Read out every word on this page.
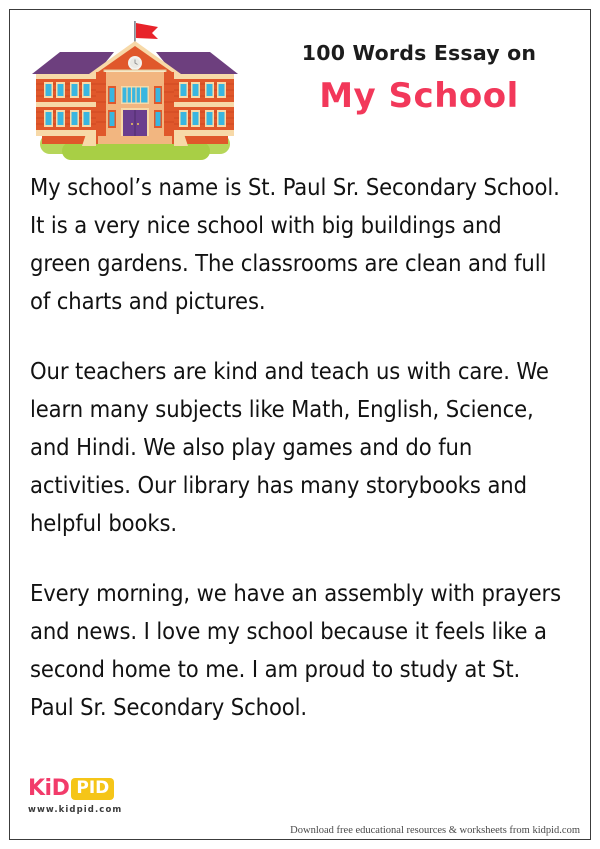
100 Words Essay on
My School

My school’s name is St. Paul Sr. Secondary School. It is a very nice school with big buildings and green gardens. The classrooms are clean and full of charts and pictures.

Our teachers are kind and teach us with care. We learn many subjects like Math, English, Science, and Hindi. We also play games and do fun activities. Our library has many storybooks and helpful books.

Every morning, we have an assembly with prayers and news. I love my school because it feels like a second home to me. I am proud to study at St. Paul Sr. Secondary School.

KiD PID
www.kidpid.com
Download free educational resources & worksheets from kidpid.com
